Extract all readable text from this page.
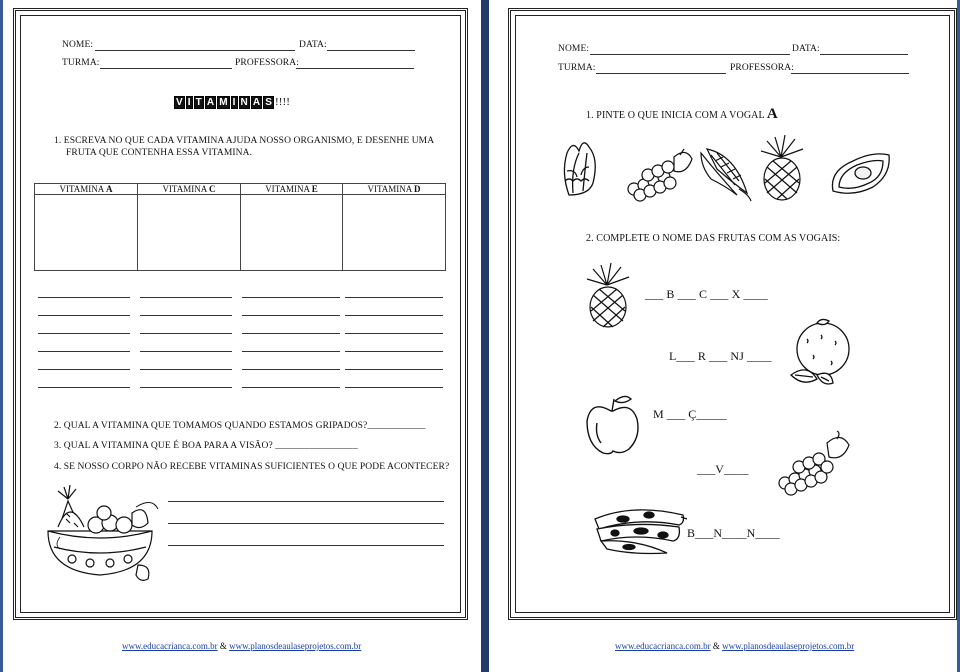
NOME:	DATA:
TURMA:	PROFESSORA:
V I T A M I N A S !!!!
1. ESCREVA NO QUE CADA VITAMINA AJUDA NOSSO ORGANISMO, E DESENHE UMA
FRUTA QUE CONTENHA ESSA VITAMINA.
VITAMINA A	VITAMINA C	VITAMINA E	VITAMINA D

2. QUAL A VITAMINA QUE TOMAMOS QUANDO ESTAMOS GRIPADOS?____________
3. QUAL A VITAMINA QUE É BOA PARA A VISÃO? _________________
4. SE NOSSO CORPO NÃO RECEBE VITAMINAS SUFICIENTES O QUE PODE ACONTECER?
www.educacrianca.com.br & www.planosdeaulaseprojetos.com.br
NOME:	DATA:
TURMA:	PROFESSORA:
1. PINTE O QUE INICIA COM A VOGAL A
2. COMPLETE O NOME DAS FRUTAS COM AS VOGAIS:
___ B ___ C ___ X ____
L___ R ___ NJ ____
M ___ Ç_____
___V____
B___N____N____
www.educacrianca.com.br & www.planosdeaulaseprojetos.com.br
